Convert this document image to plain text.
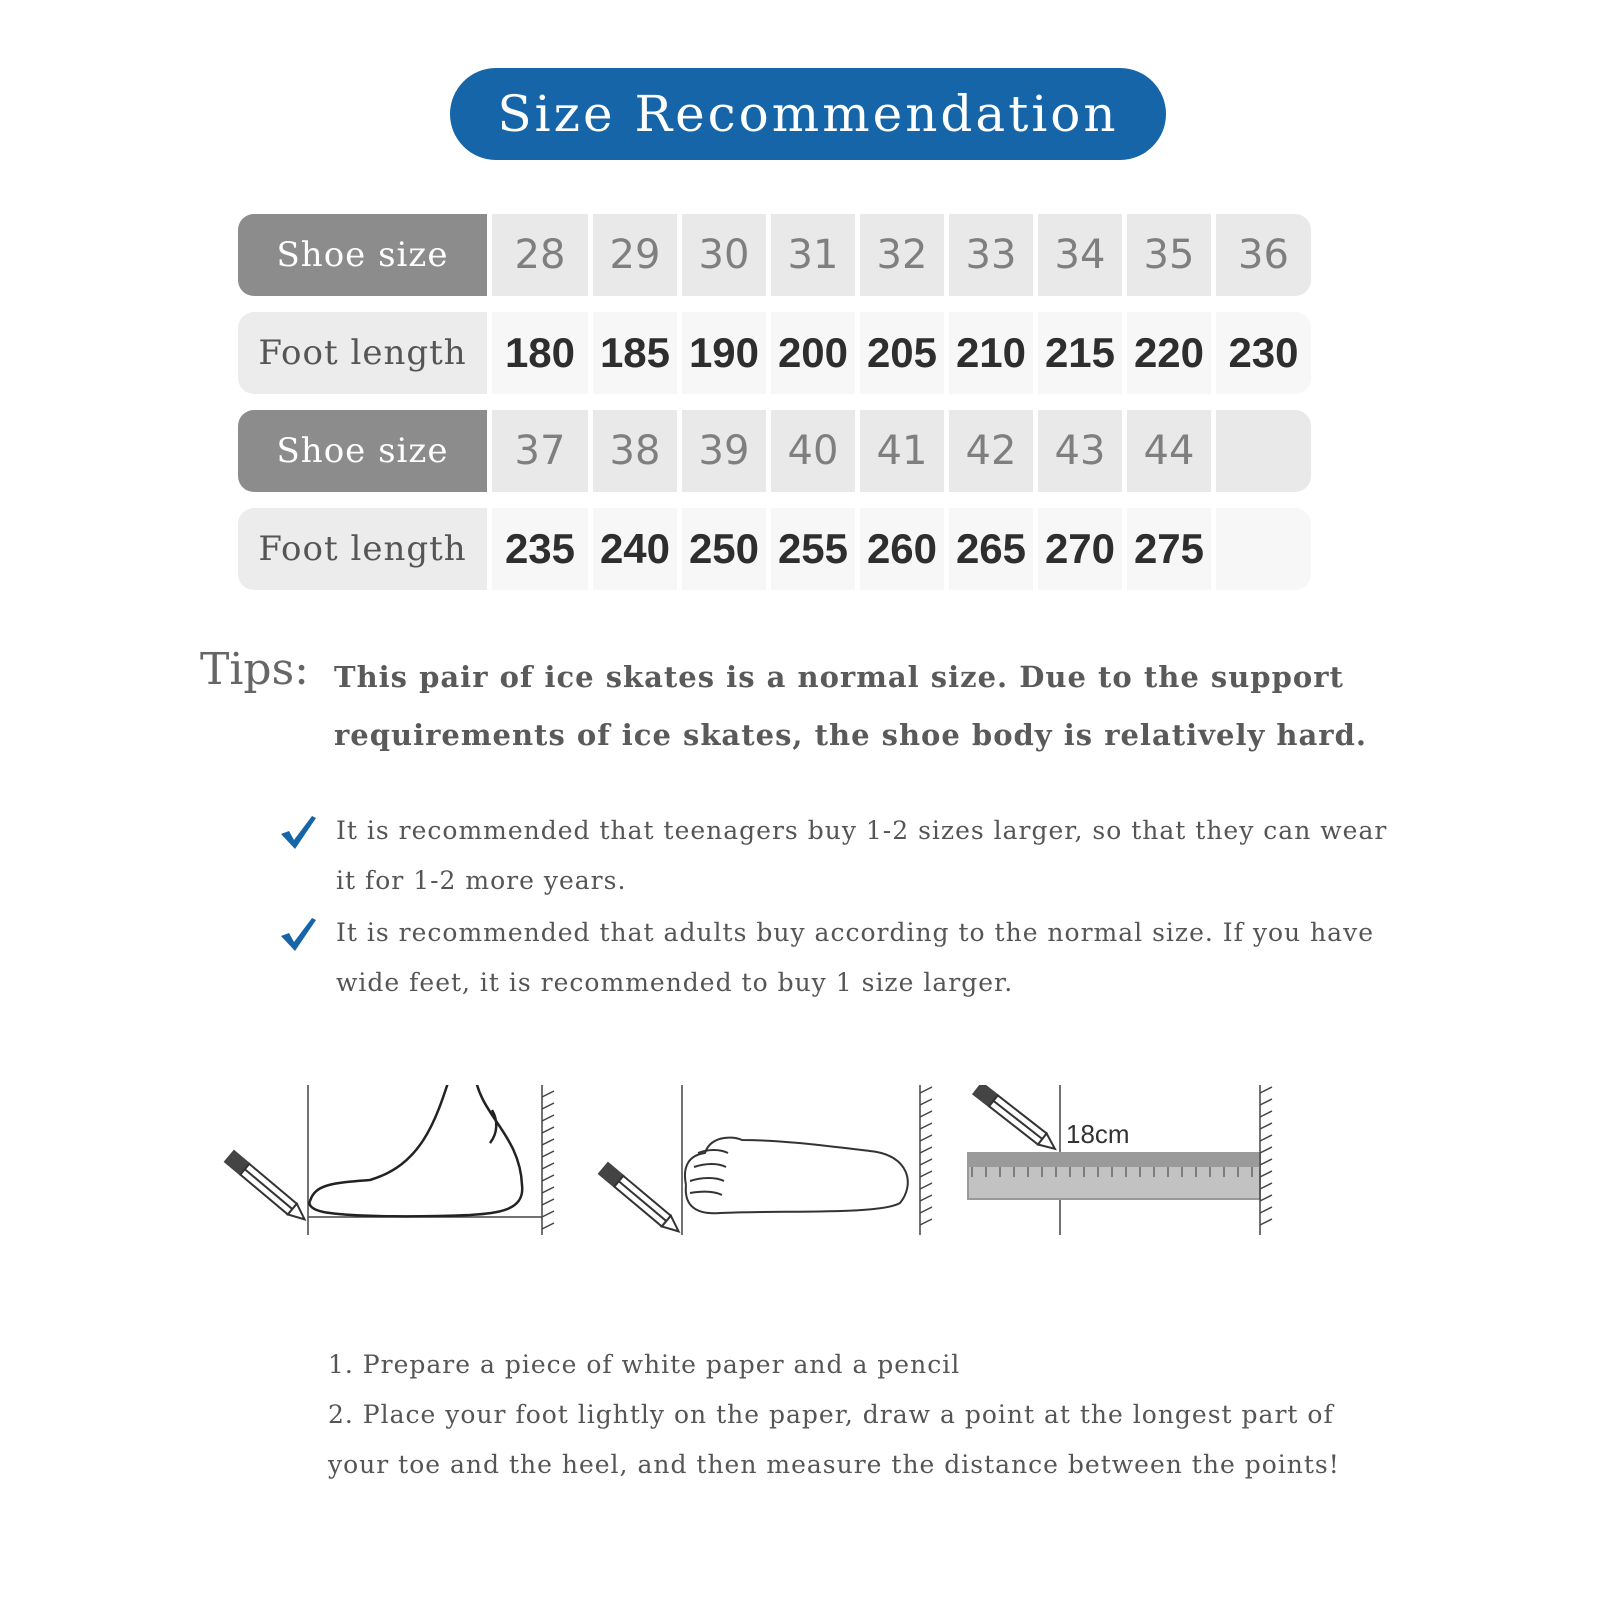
Size Recommendation
Shoe size	28	29 30 31 32 33 34 35	36
Foot length 180 185 190 200 205 210 215 220 230
Shoe size	37	38 39 40 41 42 43 44
Foot length 235 240 250 255 260 265 270 275
Tips: This pair of ice skates is a normal size. Due to the support requirements of ice skates, the shoe body is relatively hard.
It is recommended that teenagers buy 1-2 sizes larger, so that they can wear it for 1-2 more years.
It is recommended that adults buy according to the normal size. If you have wide feet, it is recommended to buy 1 size larger.
18cm
1. Prepare a piece of white paper and a pencil
2. Place your foot lightly on the paper, draw a point at the longest part of your toe and the heel, and then measure the distance between the points!
